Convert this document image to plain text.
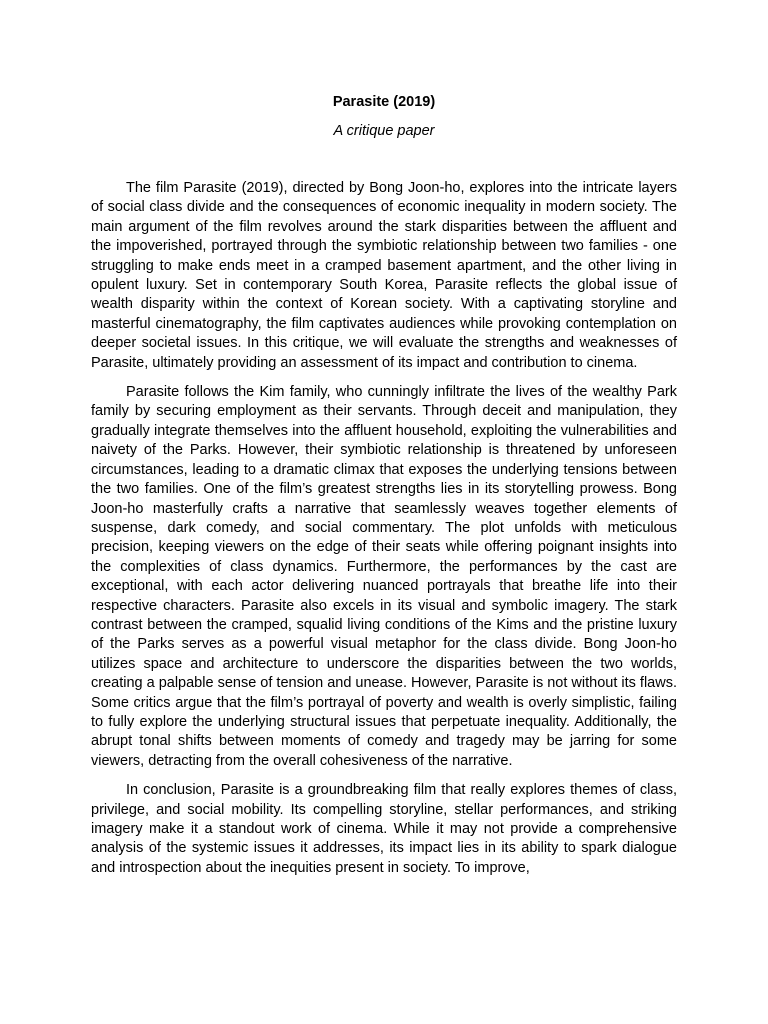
Parasite (2019)

A critique paper

The film Parasite (2019), directed by Bong Joon-ho, explores into the intricate layers of social class divide and the consequences of economic inequality in modern society. The main argument of the film revolves around the stark disparities between the affluent and the impoverished, portrayed through the symbiotic relationship between two families - one struggling to make ends meet in a cramped basement apartment, and the other living in opulent luxury. Set in contemporary South Korea, Parasite reflects the global issue of wealth disparity within the context of Korean society. With a captivating storyline and masterful cinematography, the film captivates audiences while provoking contemplation on deeper societal issues. In this critique, we will evaluate the strengths and weaknesses of Parasite, ultimately providing an assessment of its impact and contribution to cinema.

Parasite follows the Kim family, who cunningly infiltrate the lives of the wealthy Park family by securing employment as their servants. Through deceit and manipulation, they gradually integrate themselves into the affluent household, exploiting the vulnerabilities and naivety of the Parks. However, their symbiotic relationship is threatened by unforeseen circumstances, leading to a dramatic climax that exposes the underlying tensions between the two families. One of the film’s greatest strengths lies in its storytelling prowess. Bong Joon-ho masterfully crafts a narrative that seamlessly weaves together elements of suspense, dark comedy, and social commentary. The plot unfolds with meticulous precision, keeping viewers on the edge of their seats while offering poignant insights into the complexities of class dynamics. Furthermore, the performances by the cast are exceptional, with each actor delivering nuanced portrayals that breathe life into their respective characters. Parasite also excels in its visual and symbolic imagery. The stark contrast between the cramped, squalid living conditions of the Kims and the pristine luxury of the Parks serves as a powerful visual metaphor for the class divide. Bong Joon-ho utilizes space and architecture to underscore the disparities between the two worlds, creating a palpable sense of tension and unease. However, Parasite is not without its flaws. Some critics argue that the film’s portrayal of poverty and wealth is overly simplistic, failing to fully explore the underlying structural issues that perpetuate inequality. Additionally, the abrupt tonal shifts between moments of comedy and tragedy may be jarring for some viewers, detracting from the overall cohesiveness of the narrative.

In conclusion, Parasite is a groundbreaking film that really explores themes of class, privilege, and social mobility. Its compelling storyline, stellar performances, and striking imagery make it a standout work of cinema. While it may not provide a comprehensive analysis of the systemic issues it addresses, its impact lies in its ability to spark dialogue and introspection about the inequities present in society. To improve,
